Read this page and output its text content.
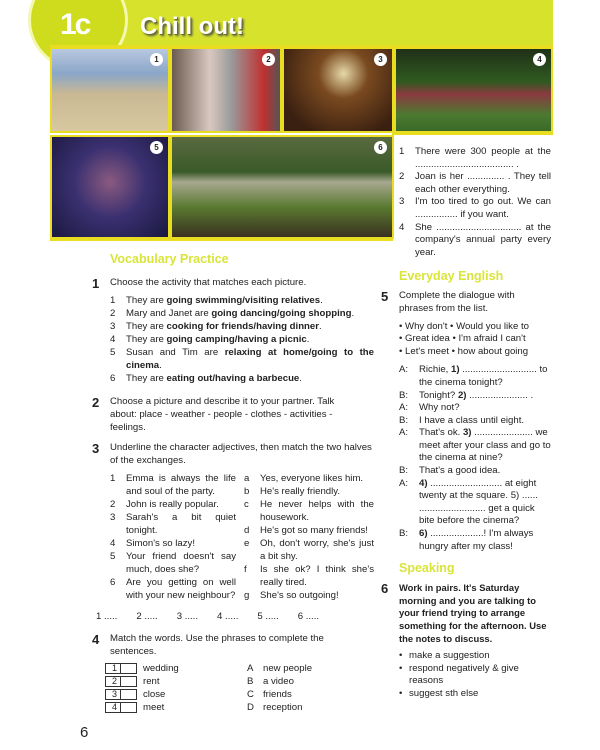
1c Chill out!
1	2	3	4
5	6
Vocabulary Practice
1 Choose the activity that matches each picture.
1 They are going swimming/visiting relatives.
2 Mary and Janet are going dancing/going shopping.
3 They are cooking for friends/having dinner.
4 They are going camping/having a picnic.
5 Susan and Tim are relaxing at home/going to the cinema.
6 They are eating out/having a barbecue.
2 Choose a picture and describe it to your partner. Talk about: place - weather - people - clothes - activities - feelings.
3 Underline the character adjectives, then match the two halves of the exchanges.
1 Emma is always the life and soul of the party.
2 John is really popular.
3 Sarah's a bit quiet tonight.
4 Simon's so lazy!
5 Your friend doesn't say much, does she?
6 Are you getting on well with your new neighbour?
a Yes, everyone likes him.
b He's really friendly.
c He never helps with the housework.
d He's got so many friends!
e Oh, don't worry, she's just a bit shy.
f Is she ok? I think she's really tired.
g She's so outgoing!
1 ..... 2 ..... 3 ..... 4 ..... 5 ..... 6 .....
4 Match the words. Use the phrases to complete the sentences.
1	wedding
2	rent
3	close
4	meet
A new people
B a video
C friends
D reception
6
1 There were 300 people at the ..................................... .
2 Joan is her .............. . They tell each other everything.
3 I'm too tired to go out. We can ................ if you want.
4 She ................................ at the company's annual party every year.
Everyday English
5 Complete the dialogue with phrases from the list.
• Why don't • Would you like to
• Great idea • I'm afraid I can't
• Let's meet • how about going
A: Richie, 1) ............................ to the cinema tonight?
B: Tonight? 2) ...................... .
A: Why not?
B: I have a class until eight.
A: That's ok. 3) ...................... we meet after your class and go to the cinema at nine?
B: That's a good idea.
A: 4) ........................... at eight twenty at the square. 5) ...... ......................... get a quick bite before the cinema?
B: 6) ....................! I'm always hungry after my class!
Speaking
6 Work in pairs. It's Saturday morning and you are talking to your friend trying to arrange something for the afternoon. Use the notes to discuss.
• make a suggestion
• respond negatively & give reasons
• suggest sth else
